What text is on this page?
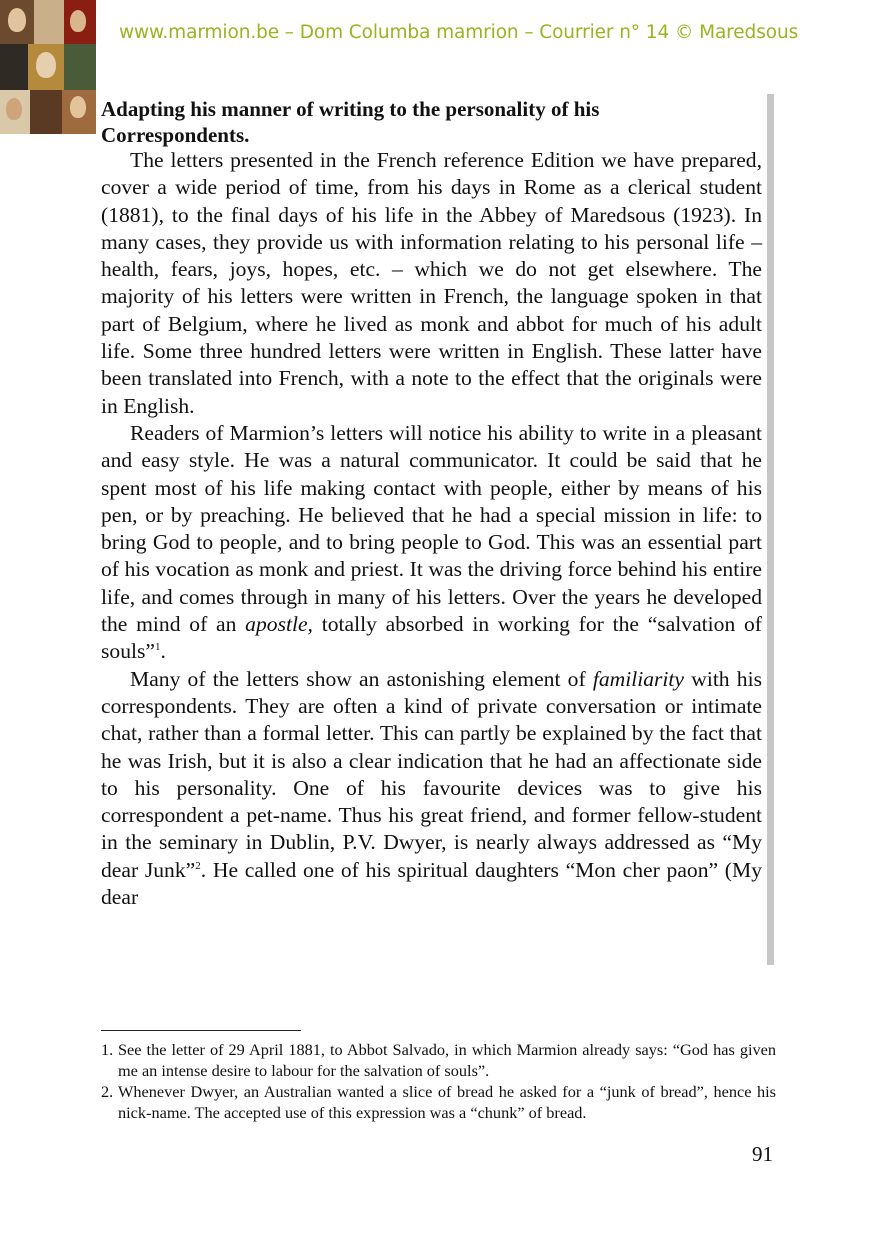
www.marmion.be – Dom Columba mamrion – Courrier n° 14 © Maredsous
Adapting his manner of writing to the personality of his
Correspondents.

The letters presented in the French reference Edition we have prepared, cover a wide period of time, from his days in Rome as a clerical student (1881), to the final days of his life in the Abbey of Maredsous (1923). In many cases, they provide us with information relating to his personal life – health, fears, joys, hopes, etc. – which we do not get elsewhere. The majority of his letters were written in French, the language spoken in that part of Belgium, where he lived as monk and abbot for much of his adult life. Some three hundred letters were written in English. These latter have been translated into French, with a note to the effect that the originals were in English.

Readers of Marmion’s letters will notice his ability to write in a pleasant and easy style. He was a natural communicator. It could be said that he spent most of his life making contact with people, either by means of his pen, or by preaching. He believed that he had a special mission in life: to bring God to people, and to bring people to God. This was an essential part of his vocation as monk and priest. It was the driving force behind his entire life, and comes through in many of his letters. Over the years he developed the mind of an apostle, totally absorbed in working for the “salvation of souls”$^1$.

Many of the letters show an astonishing element of familiarity with his correspondents. They are often a kind of private conversation or intimate chat, rather than a formal letter. This can partly be explained by the fact that he was Irish, but it is also a clear indication that he had an affectionate side to his personality. One of his favourite devices was to give his correspondent a pet-name. Thus his great friend, and former fellow-student in the seminary in Dublin, P.V. Dwyer, is nearly always addressed as “My dear Junk”$^2$. He called one of his spiritual daughters “Mon cher paon” (My dear

1. See the letter of 29 April 1881, to Abbot Salvado, in which Marmion already says: “God has given me an intense desire to labour for the salvation of souls”.
2. Whenever Dwyer, an Australian wanted a slice of bread he asked for a “junk of bread”, hence his nick-name. The accepted use of this expression was a “chunk” of bread.
91
